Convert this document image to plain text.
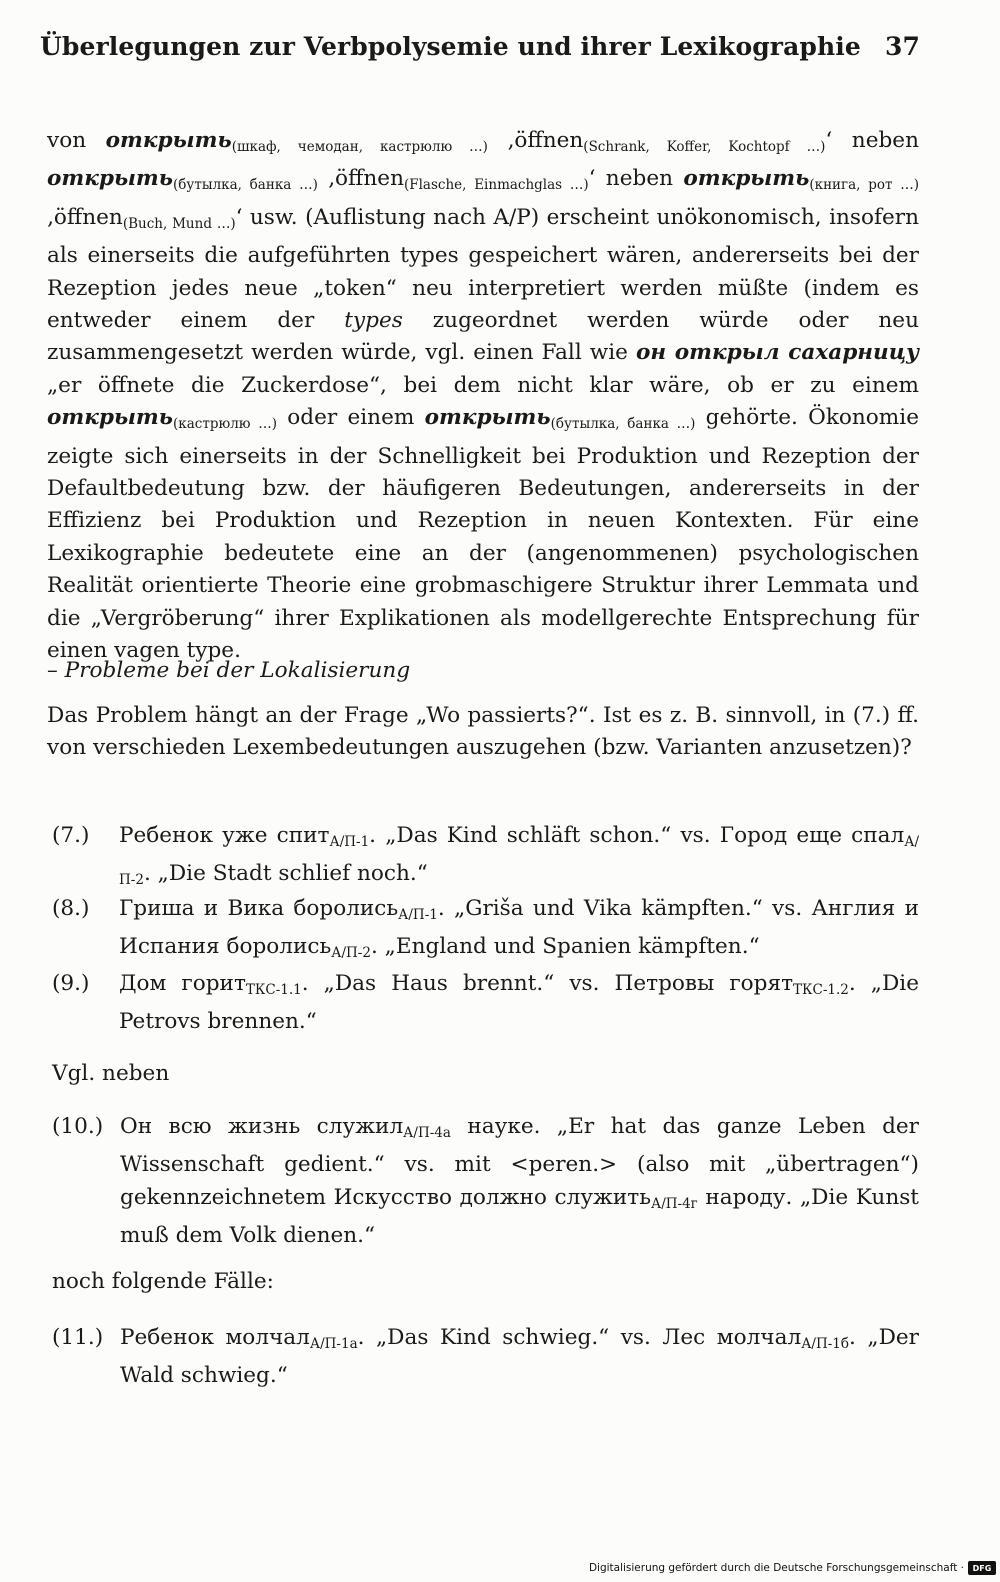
Überlegungen zur Verbpolysemie und ihrer Lexikographie 37

von открыть$_{(шкаф, чемодан, кастрюлю \dots)}$ ‚öffnen$_{(Schrank, Koffer, Kochtopf \dots)}$‘ neben открыть$_{(бутылка, банка \dots)}$ ‚öffnen$_{(Flasche, Einmachglas \dots)}$‘ neben открыть$_{(книга, рот \dots)}$ ‚öffnen$_{(Buch, Mund \dots)}$‘ usw. (Auflistung nach A/P) erscheint unökonomisch, insofern als einerseits die aufgeführten types gespeichert wären, andererseits bei der Rezeption jedes neue „token“ neu interpretiert werden müßte (indem es entweder einem der types zugeordnet werden würde oder neu zusammengesetzt werden würde, vgl. einen Fall wie он открыл сахарницу „er öffnete die Zuckerdose“, bei dem nicht klar wäre, ob er zu einem открыть$_{(кастрюлю \dots)}$ oder einem открыть$_{(бутылка, банка \dots)}$ gehörte. Ökonomie zeigte sich einerseits in der Schnelligkeit bei Produktion und Rezeption der Defaultbedeutung bzw. der häufigeren Bedeutungen, andererseits in der Effizienz bei Produktion und Rezeption in neuen Kontexten. Für eine Lexikographie bedeutete eine an der (angenommenen) psychologischen Realität orientierte Theorie eine grobmaschigere Struktur ihrer Lemmata und die „Vergröberung“ ihrer Explikationen als modellgerechte Entsprechung für einen vagen type.

– Probleme bei der Lokalisierung
Das Problem hängt an der Frage „Wo passierts?“. Ist es z. B. sinnvoll, in (7.) ff. von verschieden Lexembedeutungen auszugehen (bzw. Varianten anzusetzen)?
(7.)	Ребенок уже спитА/П-1. „Das Kind schläft schon.“ vs. Город еще спалА/П-2. „Die Stadt schlief noch.“
(8.)	Гриша и Вика боролисьА/П-1. „Griša und Vika kämpften.“ vs. Англия и Испания боролисьА/П-2. „England und Spanien kämpften.“
(9.)	Дом горитТКС-1.1. „Das Haus brennt.“ vs. Петровы горятТКС-1.2. „Die Petrovs brennen.“
Vgl. neben
(10.) Он всю жизнь служилА/П-4а науке. „Er hat das ganze Leben der Wissenschaft gedient.“ vs. mit <peren.> (also mit „übertragen“) gekennzeichnetem Искусство должно служитьА/П-4г народу. „Die Kunst muß dem Volk dienen.“
noch folgende Fälle:
(11.) Ребенок молчалА/П-1а. „Das Kind schwieg.“ vs. Лес молчалА/П-1б. „Der Wald schwieg.“
Digitalisierung gefördert durch die Deutsche Forschungsgemeinschaft ·	DFG
